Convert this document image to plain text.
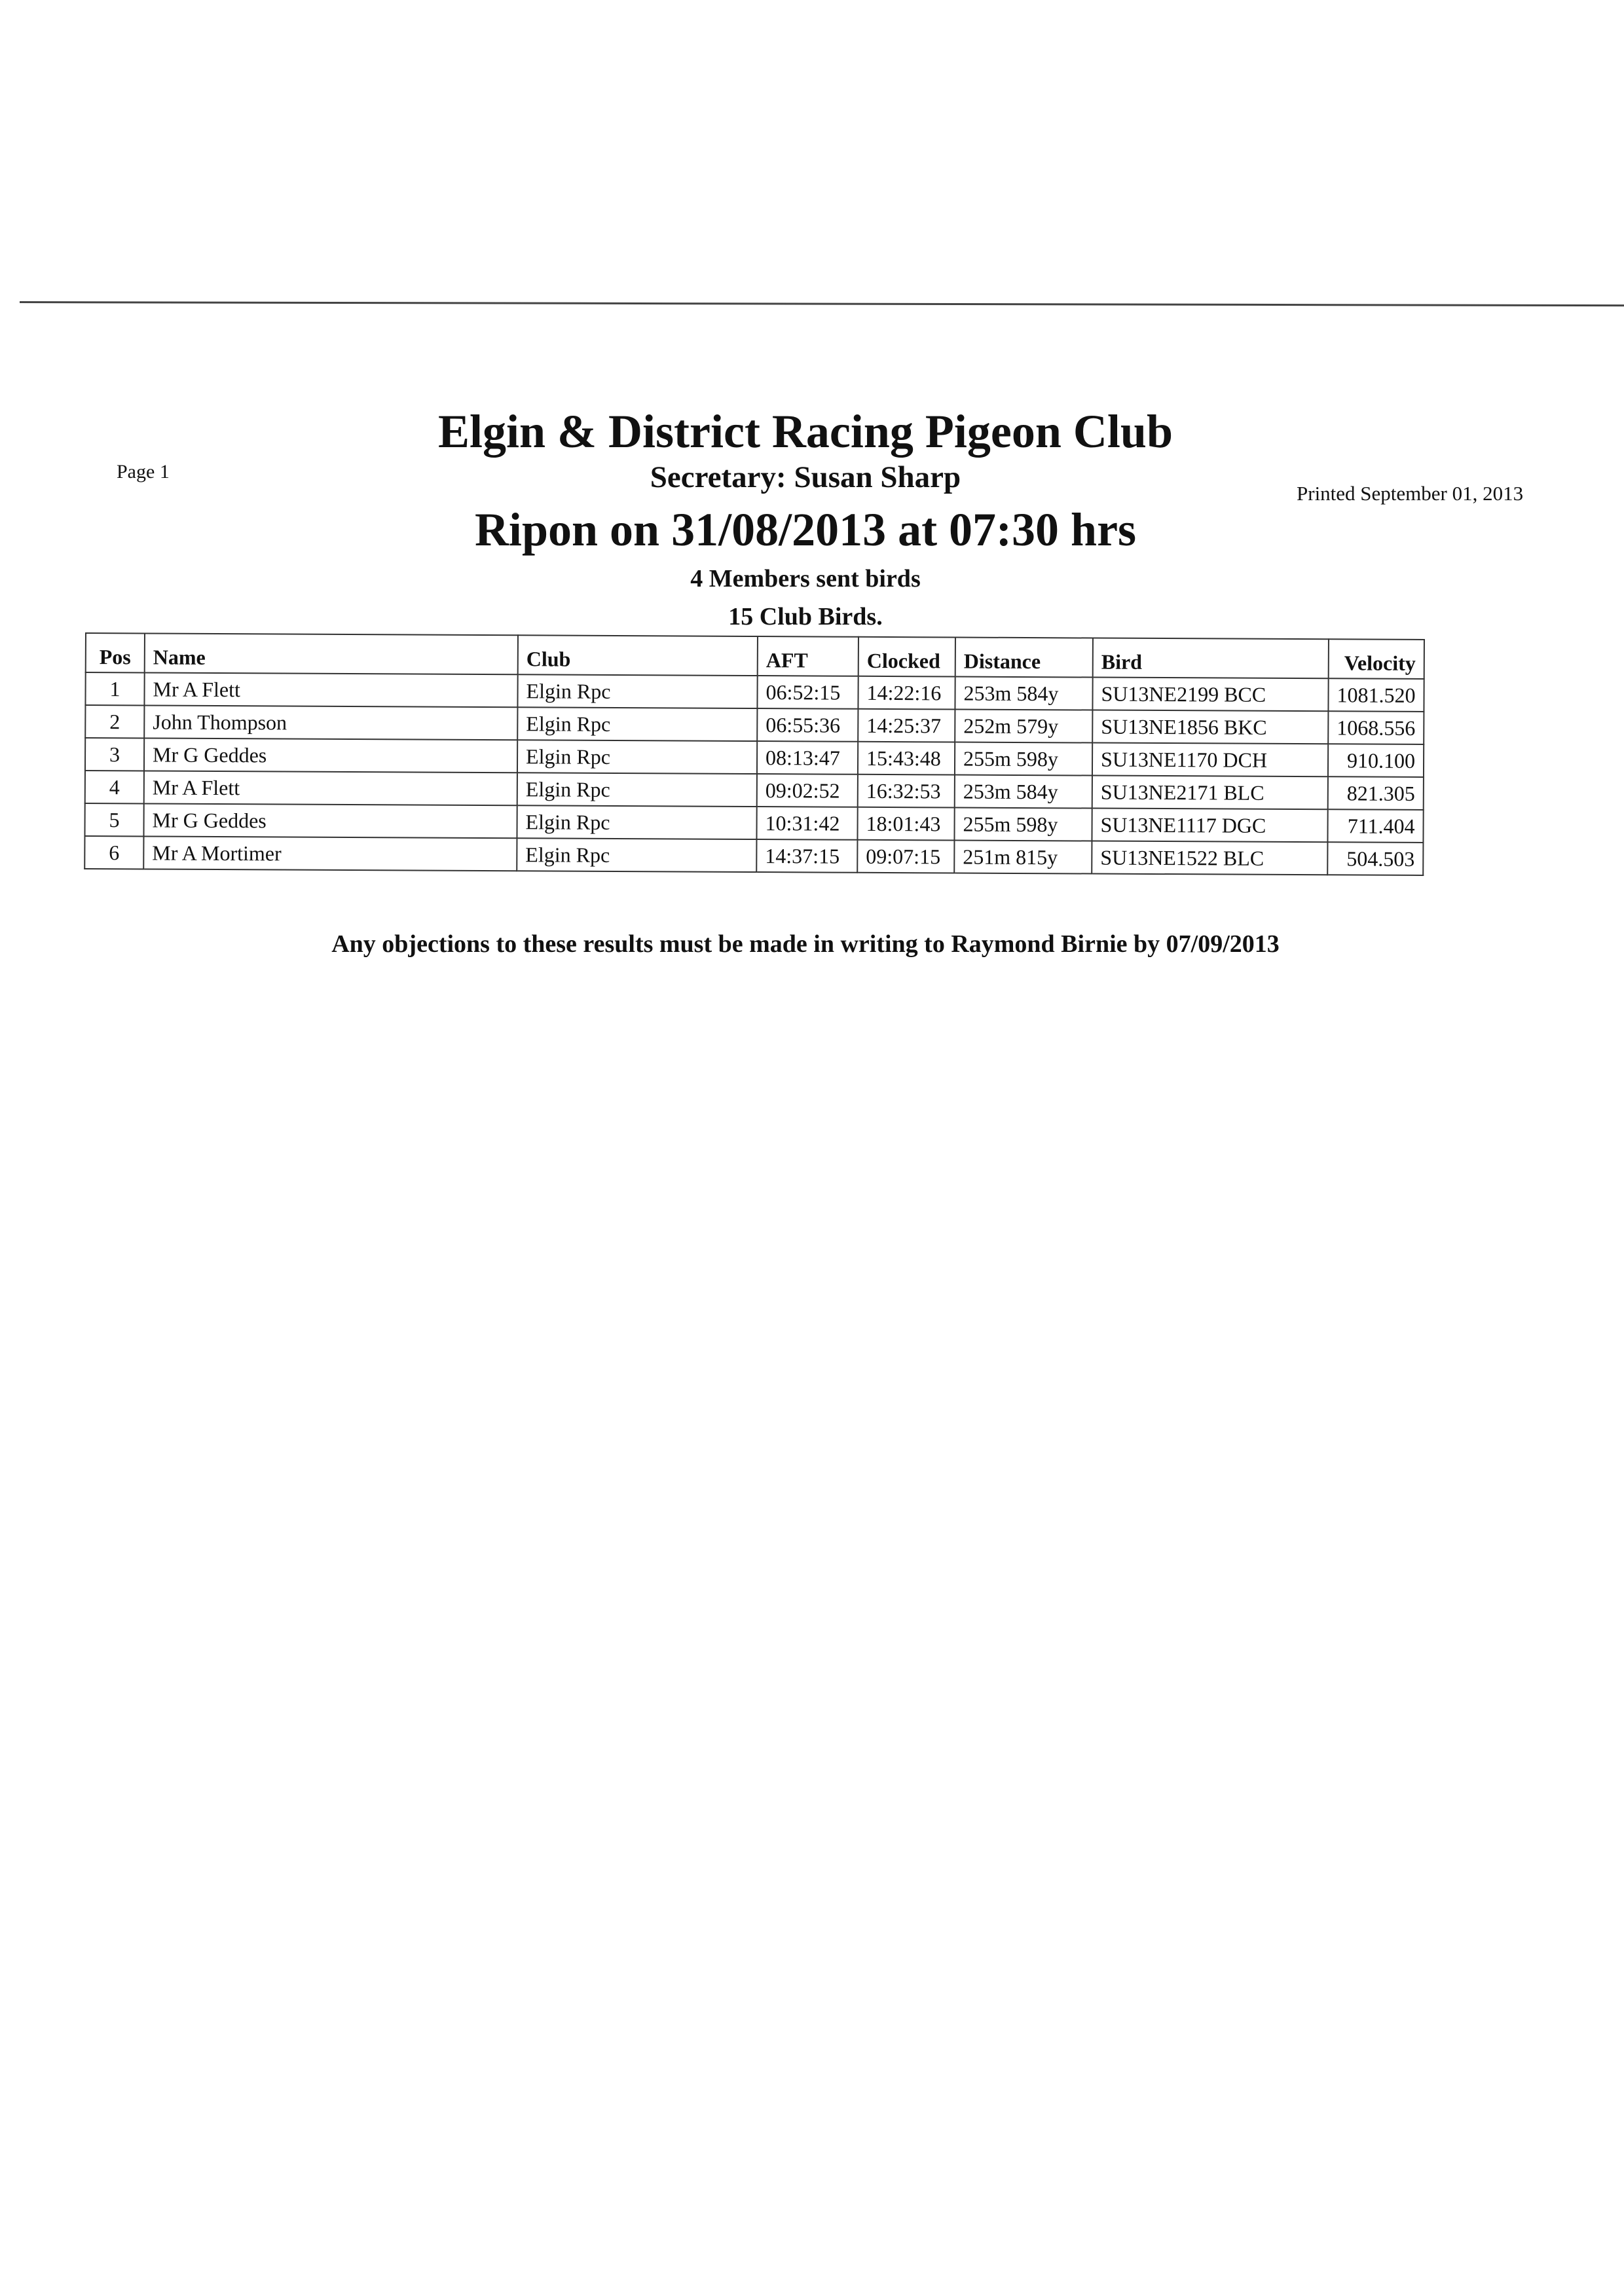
Page 1
Elgin & District Racing Pigeon Club
Secretary: Susan Sharp	Printed September 01, 2013
Ripon on 31/08/2013 at 07:30 hrs
4 Members sent birds
15 Club Birds.
Pos	Name	Club	AFT	Clocked	Distance	Bird	Velocity
1	Mr A Flett	Elgin Rpc	06:52:15	14:22:16	253m 584y	SU13NE2199 BCC	1081.520
2	John Thompson	Elgin Rpc	06:55:36	14:25:37	252m 579y	SU13NE1856 BKC	1068.556
3	Mr G Geddes	Elgin Rpc	08:13:47	15:43:48	255m 598y	SU13NE1170 DCH	910.100
4	Mr A Flett	Elgin Rpc	09:02:52	16:32:53	253m 584y	SU13NE2171 BLC	821.305
5	Mr G Geddes	Elgin Rpc	10:31:42	18:01:43	255m 598y	SU13NE1117 DGC	711.404
6	Mr A Mortimer	Elgin Rpc	14:37:15	09:07:15	251m 815y	SU13NE1522 BLC	504.503
Any objections to these results must be made in writing to Raymond Birnie by 07/09/2013
